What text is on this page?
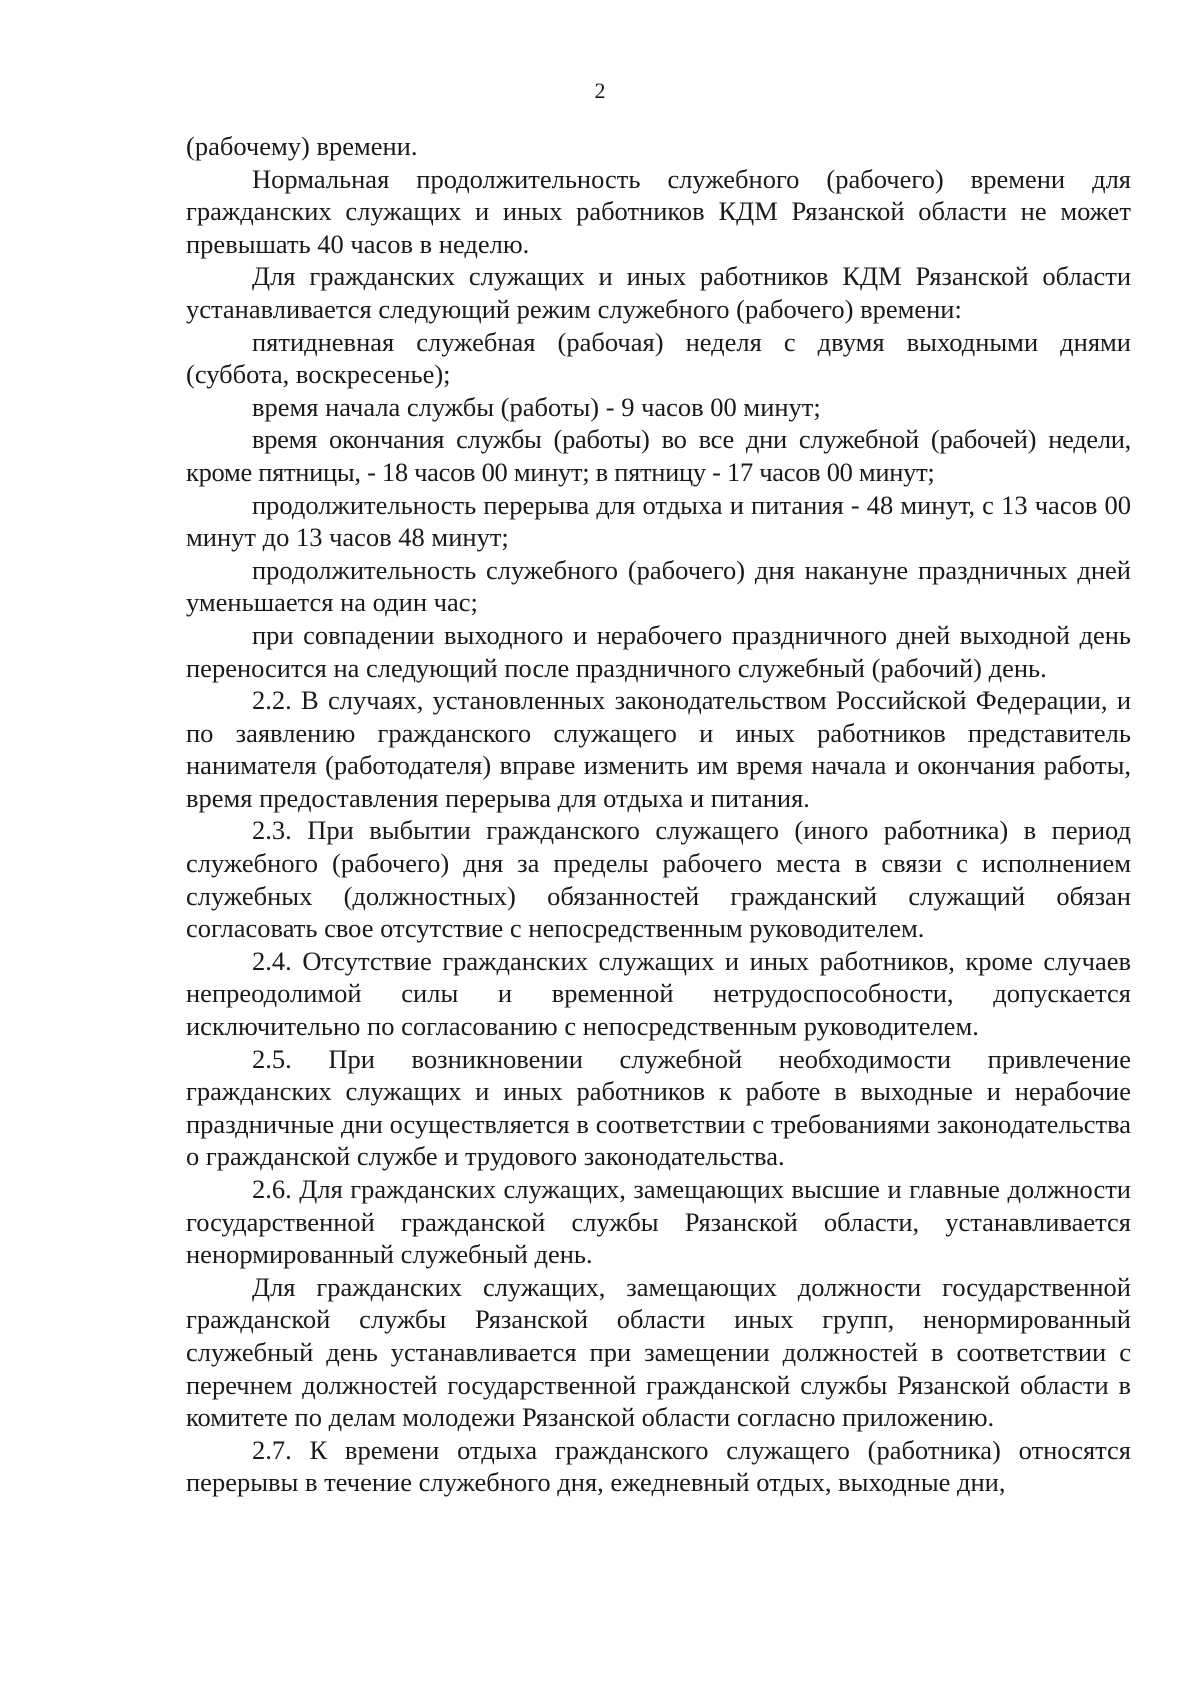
2

(рабочему) времени.

Нормальная продолжительность служебного (рабочего) времени для гражданских служащих и иных работников КДМ Рязанской области не может превышать 40 часов в неделю.

Для гражданских служащих и иных работников КДМ Рязанской области устанавливается следующий режим служебного (рабочего) времени:

пятидневная служебная (рабочая) неделя с двумя выходными днями (суббота, воскресенье);

время начала службы (работы) - 9 часов 00 минут;

время окончания службы (работы) во все дни служебной (рабочей) недели, кроме пятницы, - 18 часов 00 минут; в пятницу - 17 часов 00 минут;

продолжительность перерыва для отдыха и питания - 48 минут, с 13 часов 00 минут до 13 часов 48 минут;

продолжительность служебного (рабочего) дня накануне праздничных дней уменьшается на один час;

при совпадении выходного и нерабочего праздничного дней выходной день переносится на следующий после праздничного служебный (рабочий) день.

2.2. В случаях, установленных законодательством Российской Федерации, и по заявлению гражданского служащего и иных работников представитель нанимателя (работодателя) вправе изменить им время начала и окончания работы, время предоставления перерыва для отдыха и питания.

2.3. При выбытии гражданского служащего (иного работника) в период служебного (рабочего) дня за пределы рабочего места в связи с исполнением служебных (должностных) обязанностей гражданский служащий обязан согласовать свое отсутствие с непосредственным руководителем.

2.4. Отсутствие гражданских служащих и иных работников, кроме случаев непреодолимой силы и временной нетрудоспособности, допускается исключительно по согласованию с непосредственным руководителем.

2.5. При возникновении служебной необходимости привлечение гражданских служащих и иных работников к работе в выходные и нерабочие праздничные дни осуществляется в соответствии с требованиями законодательства о гражданской службе и трудового законодательства.

2.6. Для гражданских служащих, замещающих высшие и главные должности государственной гражданской службы Рязанской области, устанавливается ненормированный служебный день.

Для гражданских служащих, замещающих должности государственной гражданской службы Рязанской области иных групп, ненормированный служебный день устанавливается при замещении должностей в соответствии с перечнем должностей государственной гражданской службы Рязанской области в комитете по делам молодежи Рязанской области согласно приложению.

2.7. К времени отдыха гражданского служащего (работника) относятся перерывы в течение служебного дня, ежедневный отдых, выходные дни,
